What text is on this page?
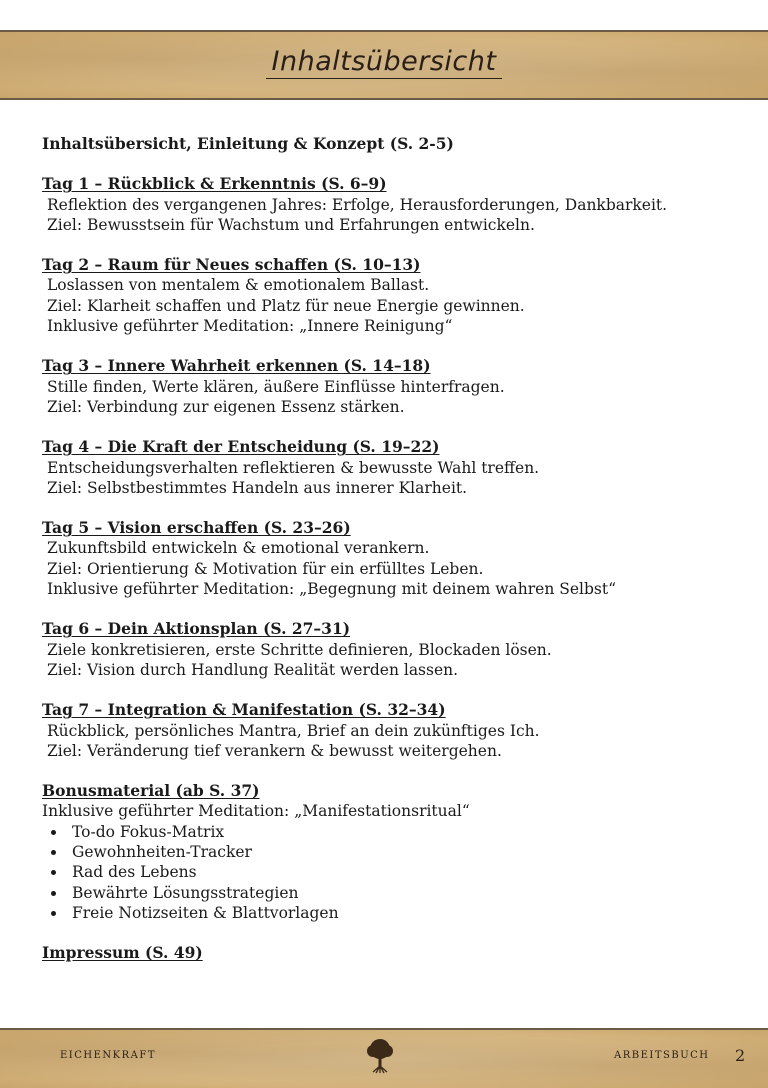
Inhaltsübersicht
Inhaltsübersicht, Einleitung & Konzept (S. 2-5)
Tag 1 – Rückblick & Erkenntnis (S. 6–9)
Reflektion des vergangenen Jahres: Erfolge, Herausforderungen, Dankbarkeit.
Ziel: Bewusstsein für Wachstum und Erfahrungen entwickeln.
Tag 2 – Raum für Neues schaffen (S. 10–13)
Loslassen von mentalem & emotionalem Ballast.
Ziel: Klarheit schaffen und Platz für neue Energie gewinnen.
Inklusive geführter Meditation: „Innere Reinigung“
Tag 3 – Innere Wahrheit erkennen (S. 14–18)
Stille finden, Werte klären, äußere Einflüsse hinterfragen.
Ziel: Verbindung zur eigenen Essenz stärken.
Tag 4 – Die Kraft der Entscheidung (S. 19–22)
Entscheidungsverhalten reflektieren & bewusste Wahl treffen.
Ziel: Selbstbestimmtes Handeln aus innerer Klarheit.
Tag 5 – Vision erschaffen (S. 23–26)
Zukunftsbild entwickeln & emotional verankern.
Ziel: Orientierung & Motivation für ein erfülltes Leben.
Inklusive geführter Meditation: „Begegnung mit deinem wahren Selbst“
Tag 6 – Dein Aktionsplan (S. 27–31)
Ziele konkretisieren, erste Schritte definieren, Blockaden lösen.
Ziel: Vision durch Handlung Realität werden lassen.
Tag 7 – Integration & Manifestation (S. 32–34)
Rückblick, persönliches Mantra, Brief an dein zukünftiges Ich.
Ziel: Veränderung tief verankern & bewusst weitergehen.
Bonusmaterial (ab S. 37)
Inklusive geführter Meditation: „Manifestationsritual“
To-do Fokus-Matrix
Gewohnheiten-Tracker
Rad des Lebens
Bewährte Lösungsstrategien
Freie Notizseiten & Blattvorlagen
Impressum (S. 49)
EICHENKRAFT	ARBEITSBUCH 2
